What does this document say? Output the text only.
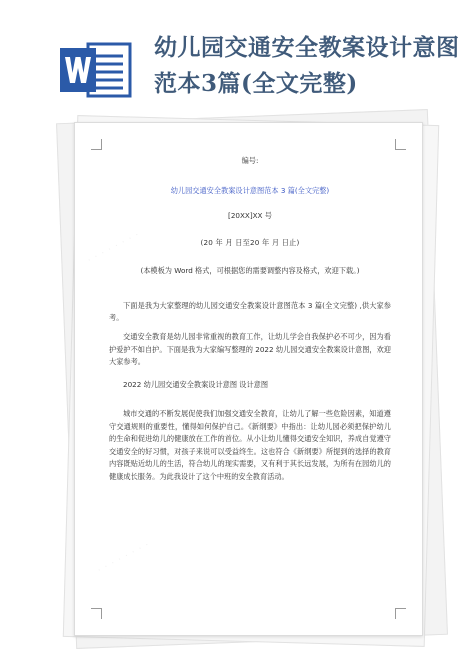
幼儿园交通安全教案设计意图
范本3篇(全文完整)
编号:
幼儿园交通安全教案设计意图范本 3 篇(全文完整)
[20XX]XX 号
(20 年 月 日至20 年 月 日止)
(本模板为 Word 格式，可根据您的需要调整内容及格式，欢迎下载。)
下面是我为大家整理的幼儿园交通安全教案设计意图范本 3 篇(全文完整) ,供大家参考。
交通安全教育是幼儿园非常重视的教育工作，让幼儿学会自我保护必不可少，因为看护爱护不如自护。下面是我为大家编写整理的 2022 幼儿园交通安全教案设计意图，欢迎大家参考。
2022 幼儿园交通安全教案设计意图 设计意图
城市交通的不断发展促使我们加强交通安全教育，让幼儿了解一些危险因素，知道遵守交通规则的重要性，懂得如何保护自己。《新纲要》中指出：让幼儿园必须把保护幼儿的生命和促进幼儿的健康放在工作的首位。从小让幼儿懂得交通安全知识，养成自觉遵守交通安全的好习惯，对孩子来说可以受益终生。这也符合《新纲要》所提到的选择的教育内容既贴近幼儿的生活，符合幼儿的现实需要，又有利于其长远发展，为所有在园幼儿的健康成长服务。为此我设计了这个中班的安全教育活动。
· · · · · · · ·
· · · · · · · ·
· · · · · · · ·
